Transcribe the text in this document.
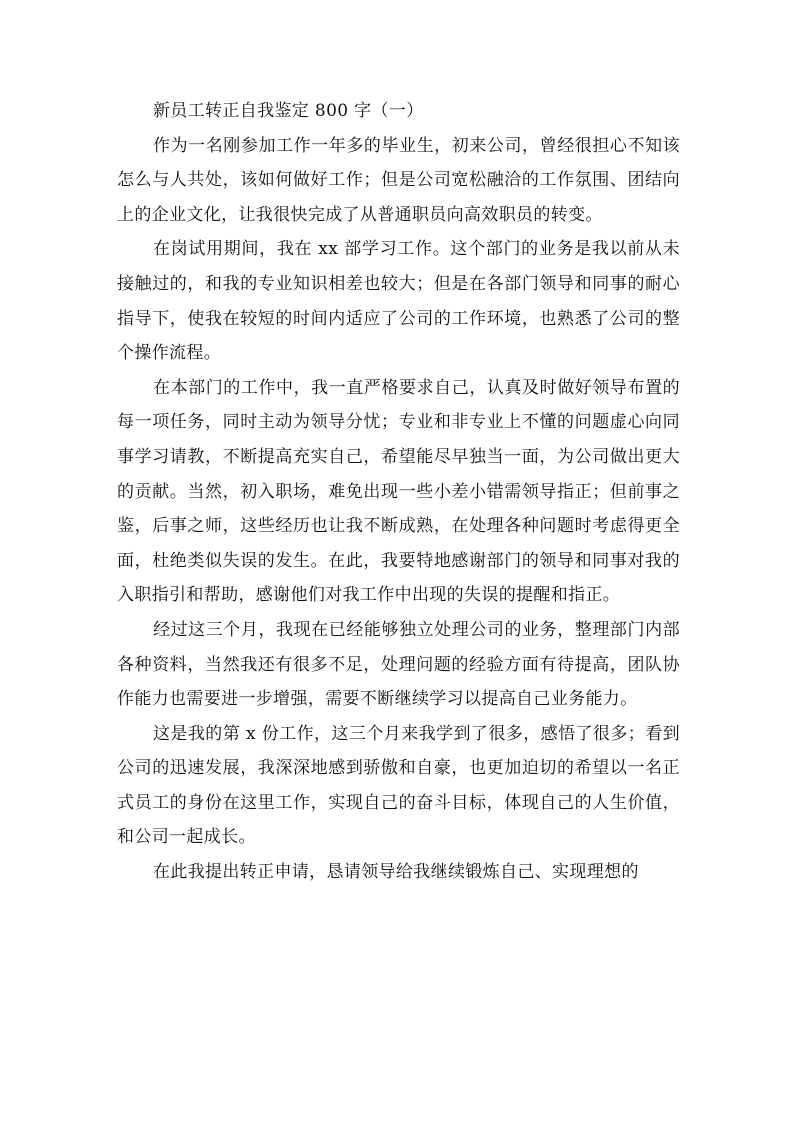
新员工转正自我鉴定 800 字（一）

作为一名刚参加工作一年多的毕业生，初来公司，曾经很担心不知该怎么与人共处，该如何做好工作；但是公司宽松融洽的工作氛围、团结向上的企业文化，让我很快完成了从普通职员向高效职员的转变。

在岗试用期间，我在 xx 部学习工作。这个部门的业务是我以前从未接触过的，和我的专业知识相差也较大；但是在各部门领导和同事的耐心指导下，使我在较短的时间内适应了公司的工作环境，也熟悉了公司的整个操作流程。

在本部门的工作中，我一直严格要求自己，认真及时做好领导布置的每一项任务，同时主动为领导分忧；专业和非专业上不懂的问题虚心向同事学习请教，不断提高充实自己，希望能尽早独当一面，为公司做出更大的贡献。当然，初入职场，难免出现一些小差小错需领导指正；但前事之鉴，后事之师，这些经历也让我不断成熟，在处理各种问题时考虑得更全面，杜绝类似失误的发生。在此，我要特地感谢部门的领导和同事对我的入职指引和帮助，感谢他们对我工作中出现的失误的提醒和指正。

经过这三个月，我现在已经能够独立处理公司的业务，整理部门内部各种资料，当然我还有很多不足，处理问题的经验方面有待提高，团队协作能力也需要进一步增强，需要不断继续学习以提高自己业务能力。

这是我的第 x 份工作，这三个月来我学到了很多，感悟了很多；看到公司的迅速发展，我深深地感到骄傲和自豪，也更加迫切的希望以一名正式员工的身份在这里工作，实现自己的奋斗目标，体现自己的人生价值，和公司一起成长。

在此我提出转正申请，恳请领导给我继续锻炼自己、实现理想的
